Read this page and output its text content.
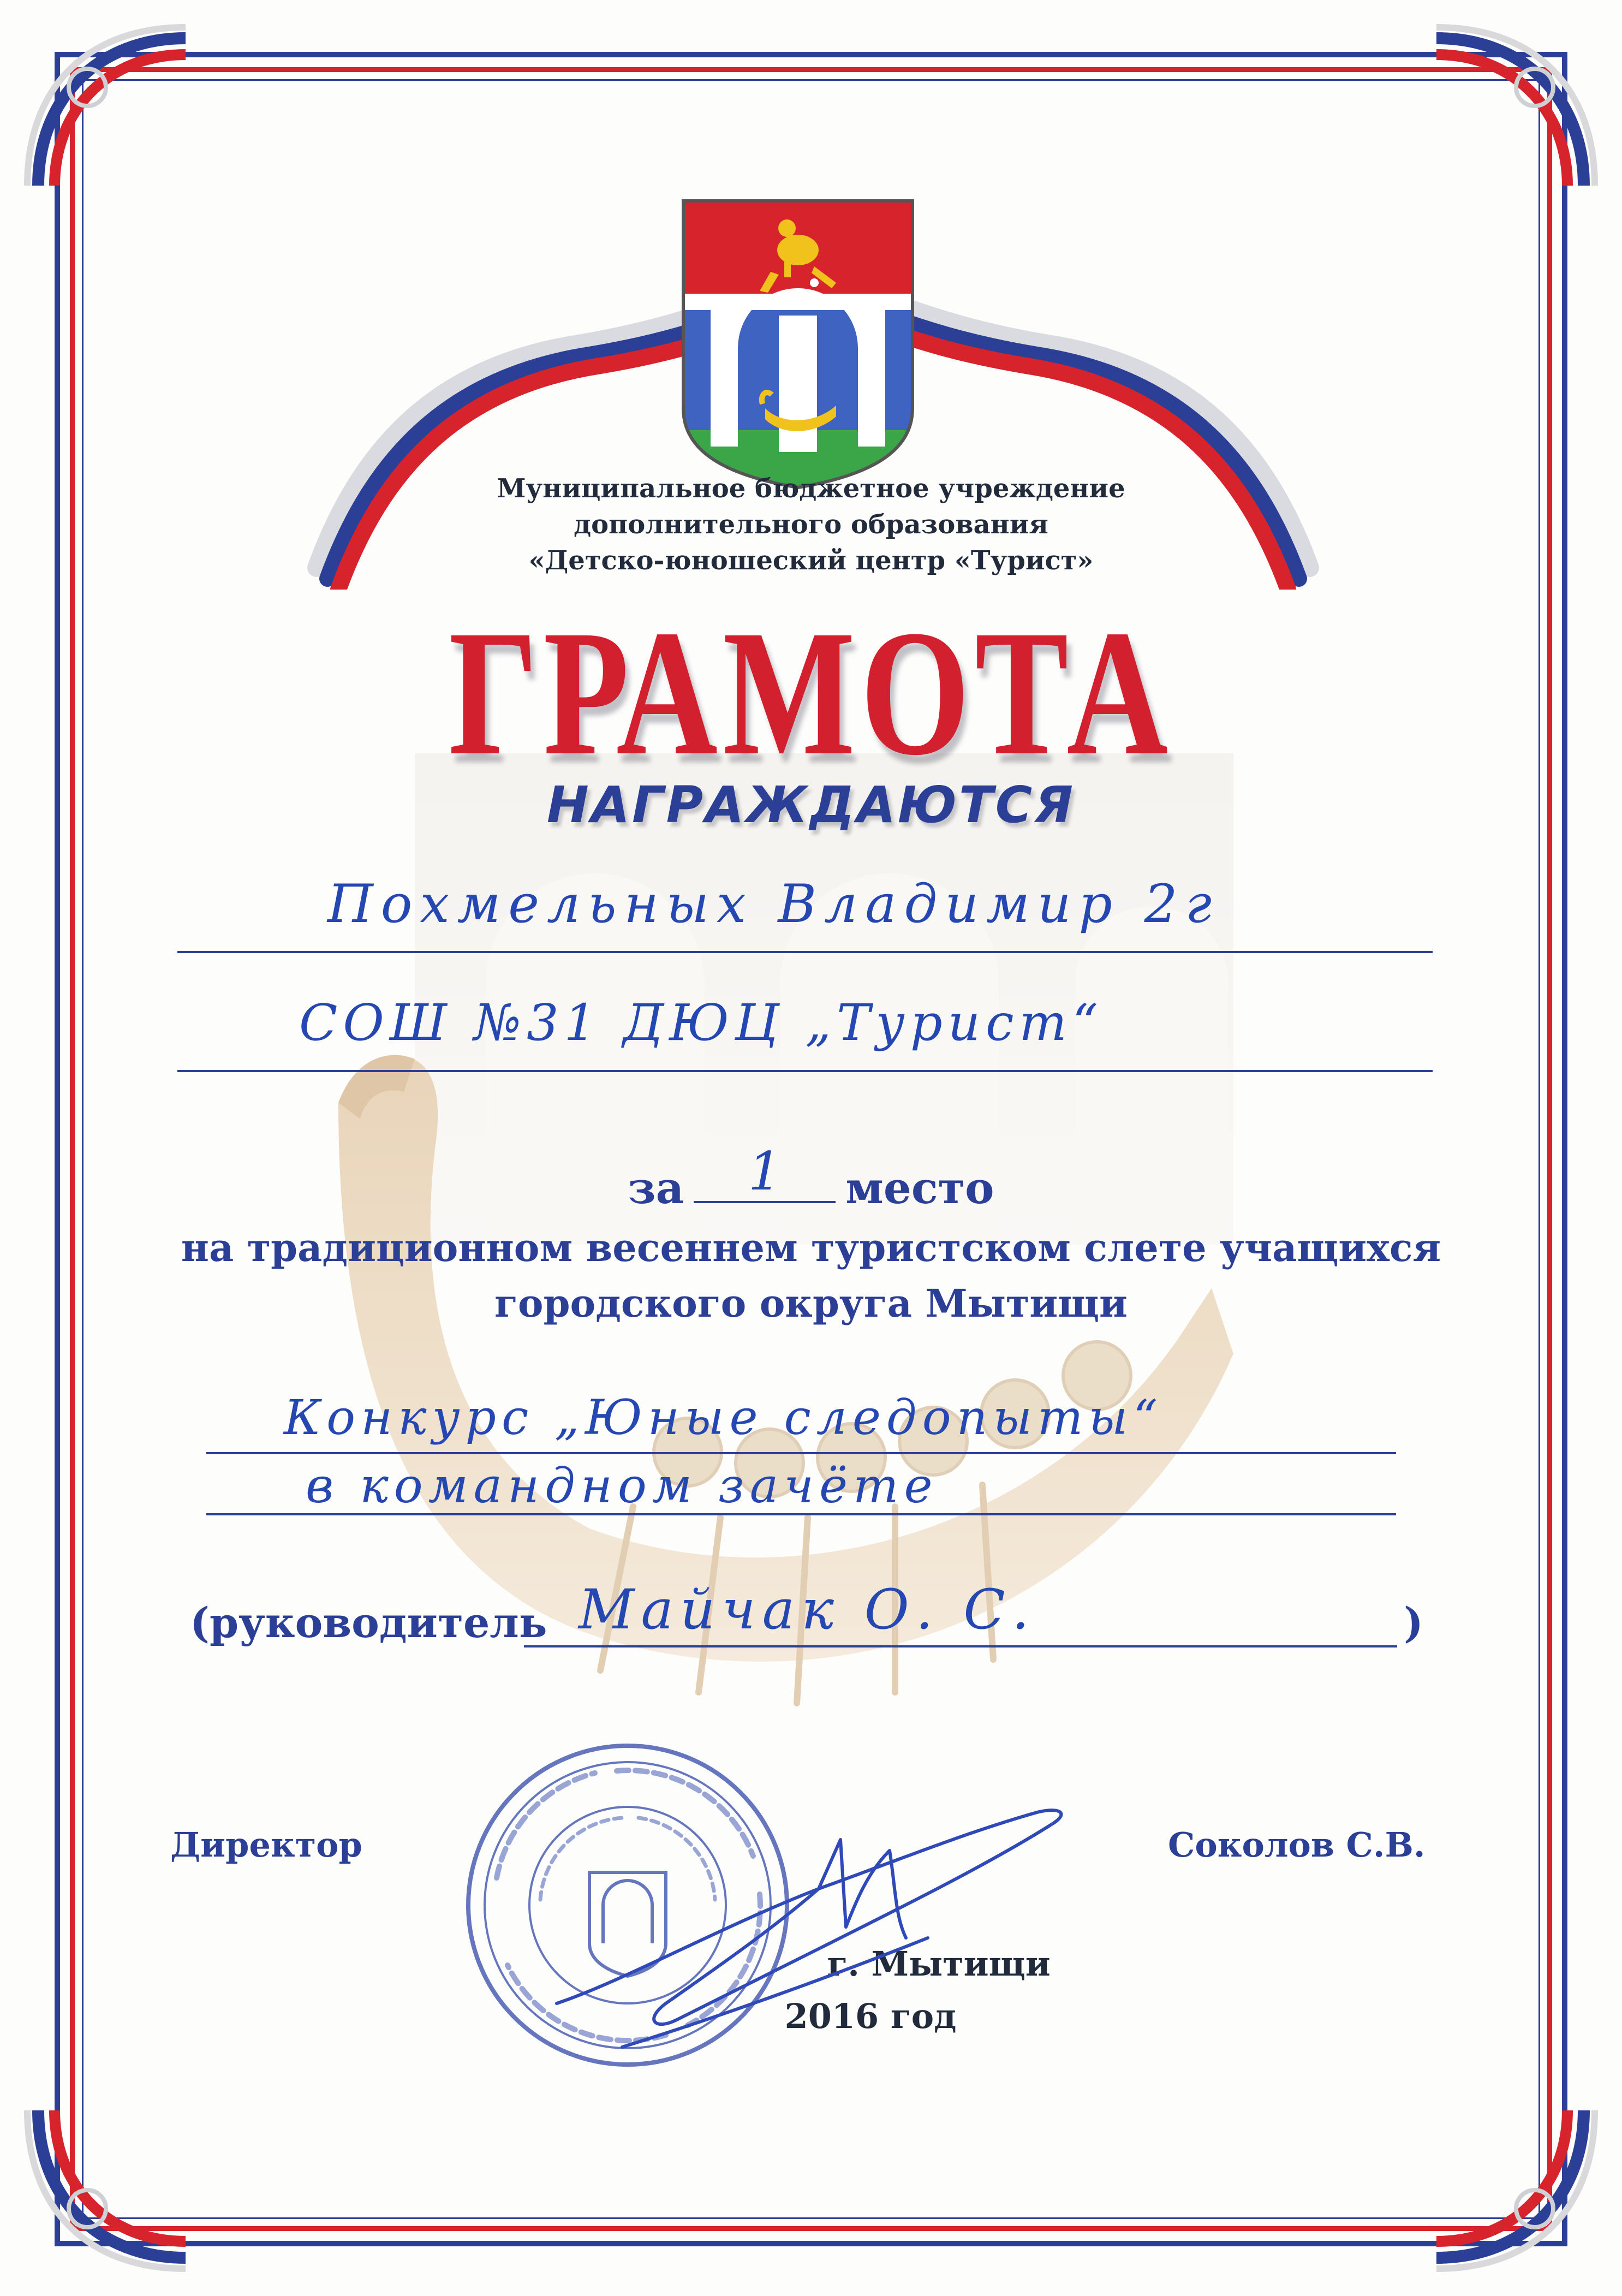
Муниципальное бюджетное учреждение
дополнительного образования
«Детско-юношеский центр «Турист»
ГРАМОТА
НАГРАЖДАЮТСЯ
Похмельных Владимир 2г
СОШ №31 ДЮЦ „Турист“
за	1	место
на традиционном весеннем туристском слете учащихся
городского округа Мытищи
Конкурс „Юные следопыты“
в командном зачёте
(руководитель	)
Майчак О. С.
Директор	Соколов С.В.
г. Мытищи
2016 год
